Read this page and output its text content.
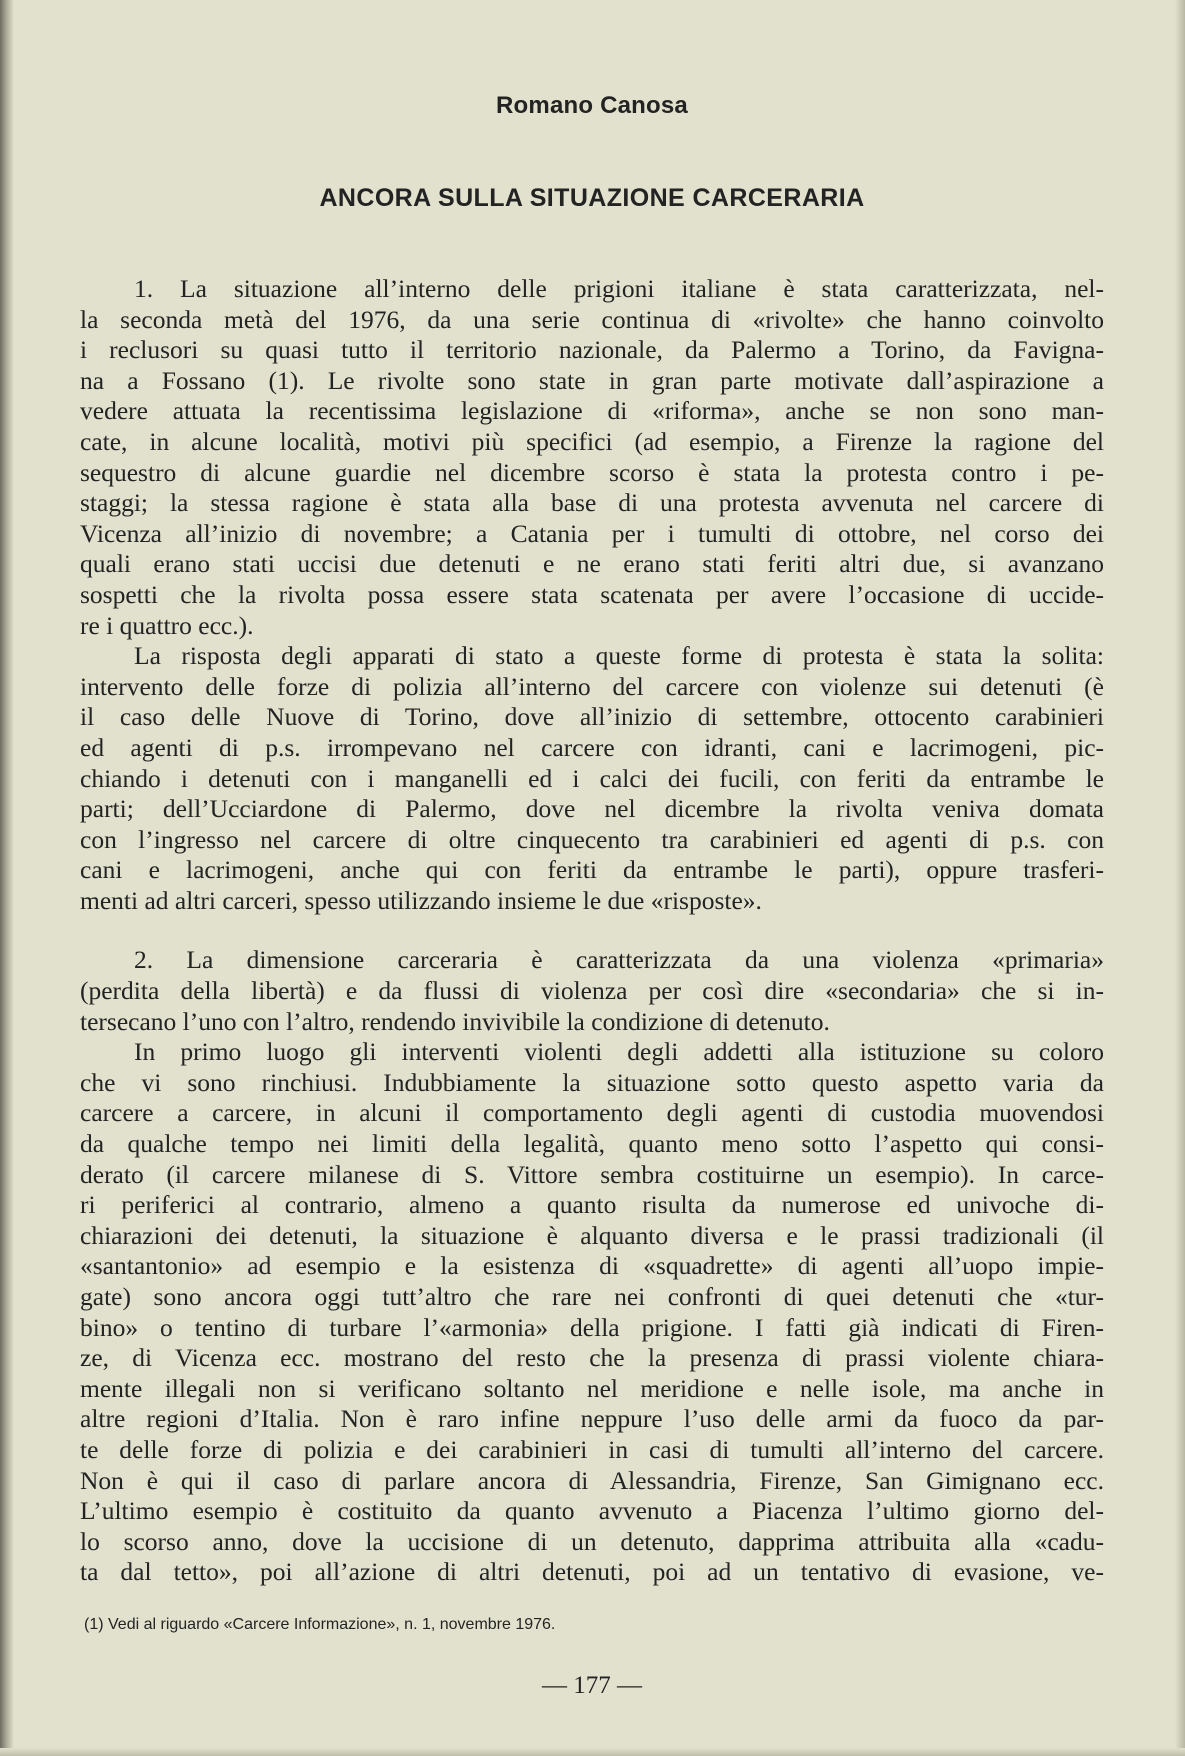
Romano Canosa
ANCORA SULLA SITUAZIONE CARCERARIA

1. La situazione all’interno delle prigioni italiane è stata caratterizzata, nel-
la seconda metà del 1976, da una serie continua di «rivolte» che hanno coinvolto
i reclusori su quasi tutto il territorio nazionale, da Palermo a Torino, da Favigna-
na a Fossano (1). Le rivolte sono state in gran parte motivate dall’aspirazione a
vedere attuata la recentissima legislazione di «riforma», anche se non sono man-
cate, in alcune località, motivi più specifici (ad esempio, a Firenze la ragione del
sequestro di alcune guardie nel dicembre scorso è stata la protesta contro i pe-
staggi; la stessa ragione è stata alla base di una protesta avvenuta nel carcere di
Vicenza all’inizio di novembre; a Catania per i tumulti di ottobre, nel corso dei
quali erano stati uccisi due detenuti e ne erano stati feriti altri due, si avanzano
sospetti che la rivolta possa essere stata scatenata per avere l’occasione di uccide-
re i quattro ecc.).

La risposta degli apparati di stato a queste forme di protesta è stata la solita:
intervento delle forze di polizia all’interno del carcere con violenze sui detenuti (è
il caso delle Nuove di Torino, dove all’inizio di settembre, ottocento carabinieri
ed agenti di p.s. irrompevano nel carcere con idranti, cani e lacrimogeni, pic-
chiando i detenuti con i manganelli ed i calci dei fucili, con feriti da entrambe le
parti; dell’Ucciardone di Palermo, dove nel dicembre la rivolta veniva domata
con l’ingresso nel carcere di oltre cinquecento tra carabinieri ed agenti di p.s. con
cani e lacrimogeni, anche qui con feriti da entrambe le parti), oppure trasferi-
menti ad altri carceri, spesso utilizzando insieme le due «risposte».

2. La dimensione carceraria è caratterizzata da una violenza «primaria»
(perdita della libertà) e da flussi di violenza per così dire «secondaria» che si in-
tersecano l’uno con l’altro, rendendo invivibile la condizione di detenuto.

In primo luogo gli interventi violenti degli addetti alla istituzione su coloro
che vi sono rinchiusi. Indubbiamente la situazione sotto questo aspetto varia da
carcere a carcere, in alcuni il comportamento degli agenti di custodia muovendosi
da qualche tempo nei limiti della legalità, quanto meno sotto l’aspetto qui consi-
derato (il carcere milanese di S. Vittore sembra costituirne un esempio). In carce-
ri periferici al contrario, almeno a quanto risulta da numerose ed univoche di-
chiarazioni dei detenuti, la situazione è alquanto diversa e le prassi tradizionali (il
«santantonio» ad esempio e la esistenza di «squadrette» di agenti all’uopo impie-
gate) sono ancora oggi tutt’altro che rare nei confronti di quei detenuti che «tur-
bino» o tentino di turbare l’«armonia» della prigione. I fatti già indicati di Firen-
ze, di Vicenza ecc. mostrano del resto che la presenza di prassi violente chiara-
mente illegali non si verificano soltanto nel meridione e nelle isole, ma anche in
altre regioni d’Italia. Non è raro infine neppure l’uso delle armi da fuoco da par-
te delle forze di polizia e dei carabinieri in casi di tumulti all’interno del carcere.
Non è qui il caso di parlare ancora di Alessandria, Firenze, San Gimignano ecc.
L’ultimo esempio è costituito da quanto avvenuto a Piacenza l’ultimo giorno del-
lo scorso anno, dove la uccisione di un detenuto, dapprima attribuita alla «cadu-
ta dal tetto», poi all’azione di altri detenuti, poi ad un tentativo di evasione, ve-

(1) Vedi al riguardo «Carcere Informazione», n. 1, novembre 1976.
— 177 —
